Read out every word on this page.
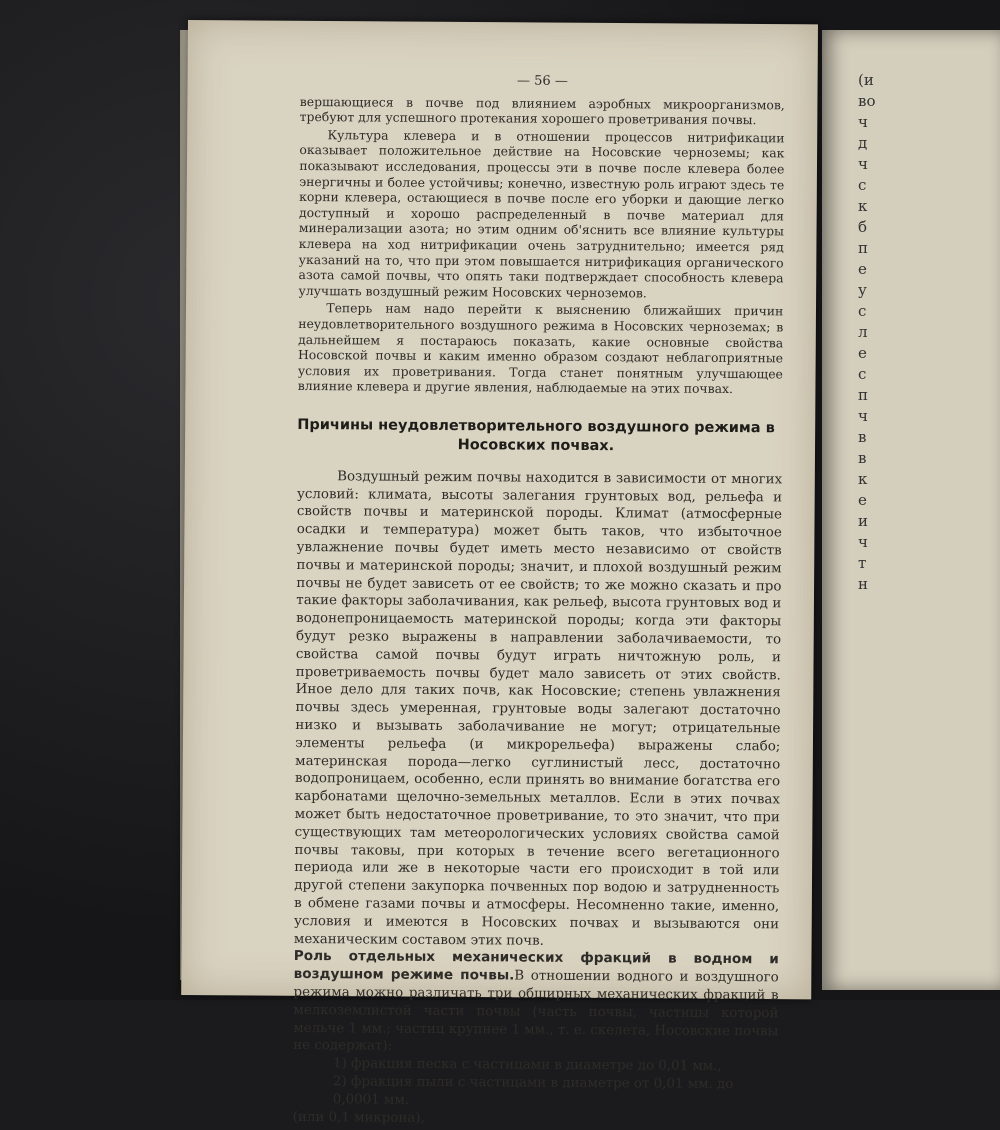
(и
во
ч
д
ч
с
к
б
п
е
у
с
л
е
с
п
ч
в
в
к
е
и
ч
т
н
— 56 —

вершающиеся в почве под влиянием аэробных микроорганизмов, требуют для успешного протекания хорошего проветривания почвы.

Культура клевера и в отношении процессов нитрификации оказывает положительное действие на Носовские черноземы; как показывают исследования, процессы эти в почве после клевера более энергичны и более устойчивы; конечно, известную роль играют здесь те корни клевера, остающиеся в почве после его уборки и дающие легко доступный и хорошо распределенный в почве материал для минерализации азота; но этим одним об'яснить все влияние культуры клевера на ход нитрификации очень затруднительно; имеется ряд указаний на то, что при этом повышается нитрификация органического азота самой почвы, что опять таки подтверждает способность клевера улучшать воздушный режим Носовских черноземов.

Теперь нам надо перейти к выяснению ближайших причин неудовлетворительного воздушного режима в Носовских черноземах; в дальнейшем я постараюсь показать, какие основные свойства Носовской почвы и каким именно образом создают неблагоприятные условия их проветривания. Тогда станет понятным улучшающее влияние клевера и другие явления, наблюдаемые на этих почвах.

Причины неудовлетворительного воздушного режима в Носовских почвах.

Воздушный режим почвы находится в зависимости от многих условий: климата, высоты залегания грунтовых вод, рельефа и свойств почвы и материнской породы. Климат (атмосферные осадки и температура) может быть таков, что избыточное увлажнение почвы будет иметь место независимо от свойств почвы и материнской породы; значит, и плохой воздушный режим почвы не будет зависеть от ее свойств; то же можно сказать и про такие факторы заболачивания, как рельеф, высота грунтовых вод и водонепроницаемость материнской породы; когда эти факторы будут резко выражены в направлении заболачиваемости, то свойства самой почвы будут играть ничтожную роль, и проветриваемость почвы будет мало зависеть от этих свойств. Иное дело для таких почв, как Носовские; степень увлажнения почвы здесь умеренная, грунтовые воды залегают достаточно низко и вызывать заболачивание не могут; отрицательные элементы рельефа (и микрорельефа) выражены слабо; материнская порода—легко суглинистый лесс, достаточно водопроницаем, особенно, если принять во внимание богатства его карбонатами щелочно-земельных металлов. Если в этих почвах может быть недостаточное проветривание, то это значит, что при существующих там метеорологических условиях свойства самой почвы таковы, при которых в течение всего вегетационного периода или же в некоторые части его происходит в той или другой степени закупорка почвенных пор водою и затрудненность в обмене газами почвы и атмосферы. Несомненно такие, именно, условия и имеются в Носовских почвах и вызываются они механическим составом этих почв.

Роль отдельных механических фракций в водном и воздушном режиме почвы.В отношении водного и воздушного режима можно различать три обширных механических фракций в мелкоземлистой части почвы (часть почвы, частицы которой мельче 1 мм.; частиц крупнее 1 мм., т. е. скелета, Носовские почвы не содержат):

1) фракция песка с частицами в диаметре до 0,01 мм.,

2) фракция пыли с частицами в диаметре от 0,01 мм. до 0,0001 мм.

(или 0,1 микрона),
